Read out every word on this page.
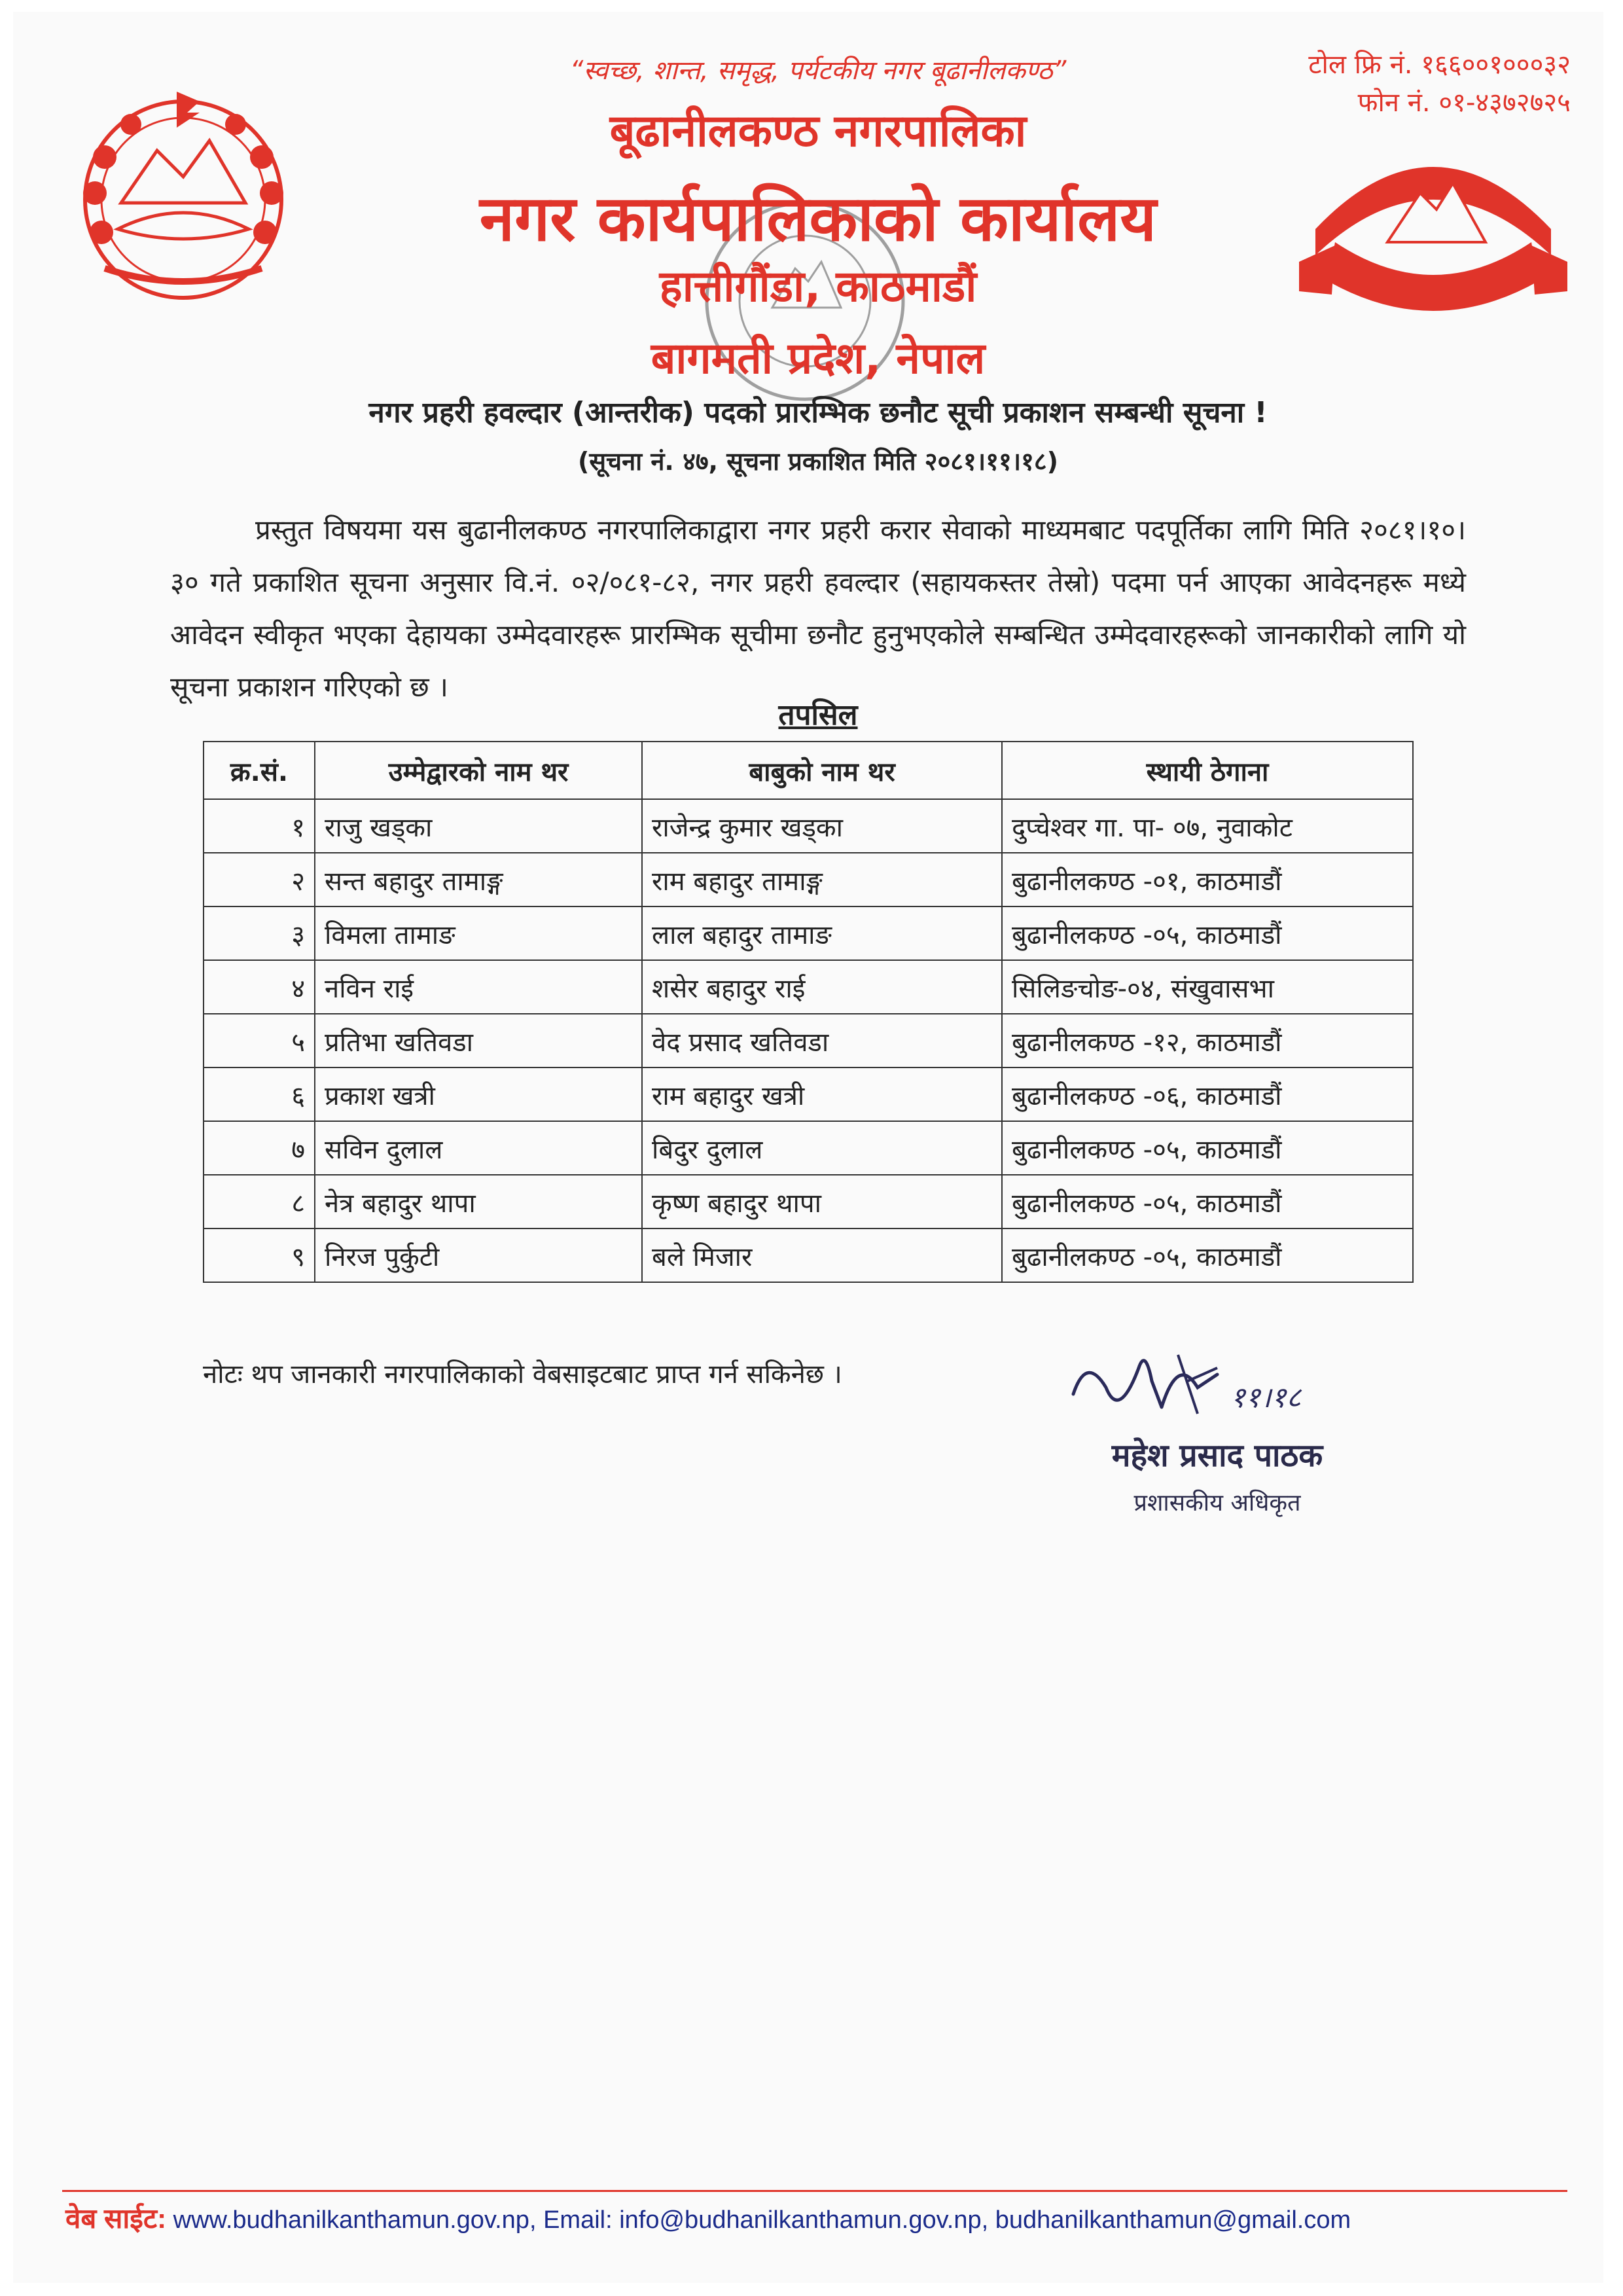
“स्वच्छ, शान्त, समृद्ध, पर्यटकीय नगर बूढानीलकण्ठ”	टोल फ्रि नं. १६६००१०००३२
फोन नं. ०१-४३७२७२५
बूढानीलकण्ठ नगरपालिका
नगर कार्यपालिकाको कार्यालय
हात्तीगौंडा, काठमाडौं
बागमती प्रदेश, नेपाल
नगर प्रहरी हवल्दार (आन्तरीक) पदको प्रारम्भिक छनौट सूची प्रकाशन सम्बन्धी सूचना !
(सूचना नं. ४७, सूचना प्रकाशित मिति २०८१।११।१८)
प्रस्तुत विषयमा यस बुढानीलकण्ठ नगरपालिकाद्वारा नगर प्रहरी करार सेवाको माध्यमबाट पदपूर्तिका लागि मिति २०८१।१०।३० गते प्रकाशित सूचना अनुसार वि.नं. ०२/०८१-८२, नगर प्रहरी हवल्दार (सहायकस्तर तेस्रो) पदमा पर्न आएका आवेदनहरू मध्ये आवेदन स्वीकृत भएका देहायका उम्मेदवारहरू प्रारम्भिक सूचीमा छनौट हुनुभएकोले सम्बन्धित उम्मेदवारहरूको जानकारीको लागि यो सूचना प्रकाशन गरिएको छ ।
तपसिल
क्र.सं.	उम्मेद्वारको नाम थर	बाबुको नाम थर	स्थायी ठेगाना
१	राजु खड्का	राजेन्द्र कुमार खड्का	दुप्चेश्वर गा. पा- ०७, नुवाकोट
२	सन्त बहादुर तामाङ्ग	राम बहादुर तामाङ्ग	बुढानीलकण्ठ -०१, काठमाडौं
३	विमला तामाङ	लाल बहादुर तामाङ	बुढानीलकण्ठ -०५, काठमाडौं
४	नविन राई	शसेर बहादुर राई	सिलिङचोङ-०४, संखुवासभा
५	प्रतिभा खतिवडा	वेद प्रसाद खतिवडा	बुढानीलकण्ठ -१२, काठमाडौं
६	प्रकाश खत्री	राम बहादुर खत्री	बुढानीलकण्ठ -०६, काठमाडौं
७	सविन दुलाल	बिदुर दुलाल	बुढानीलकण्ठ -०५, काठमाडौं
८	नेत्र बहादुर थापा	कृष्ण बहादुर थापा	बुढानीलकण्ठ -०५, काठमाडौं
९	निरज पुर्कुटी	बले मिजार	बुढानीलकण्ठ -०५, काठमाडौं
नोटः थप जानकारी नगरपालिकाको वेबसाइटबाट प्राप्त गर्न सकिनेछ ।
११।१८
महेश प्रसाद पाठक
प्रशासकीय अधिकृत
वेब साईट: www.budhanilkanthamun.gov.np, Email: info@budhanilkanthamun.gov.np, budhanilkanthamun@gmail.com
